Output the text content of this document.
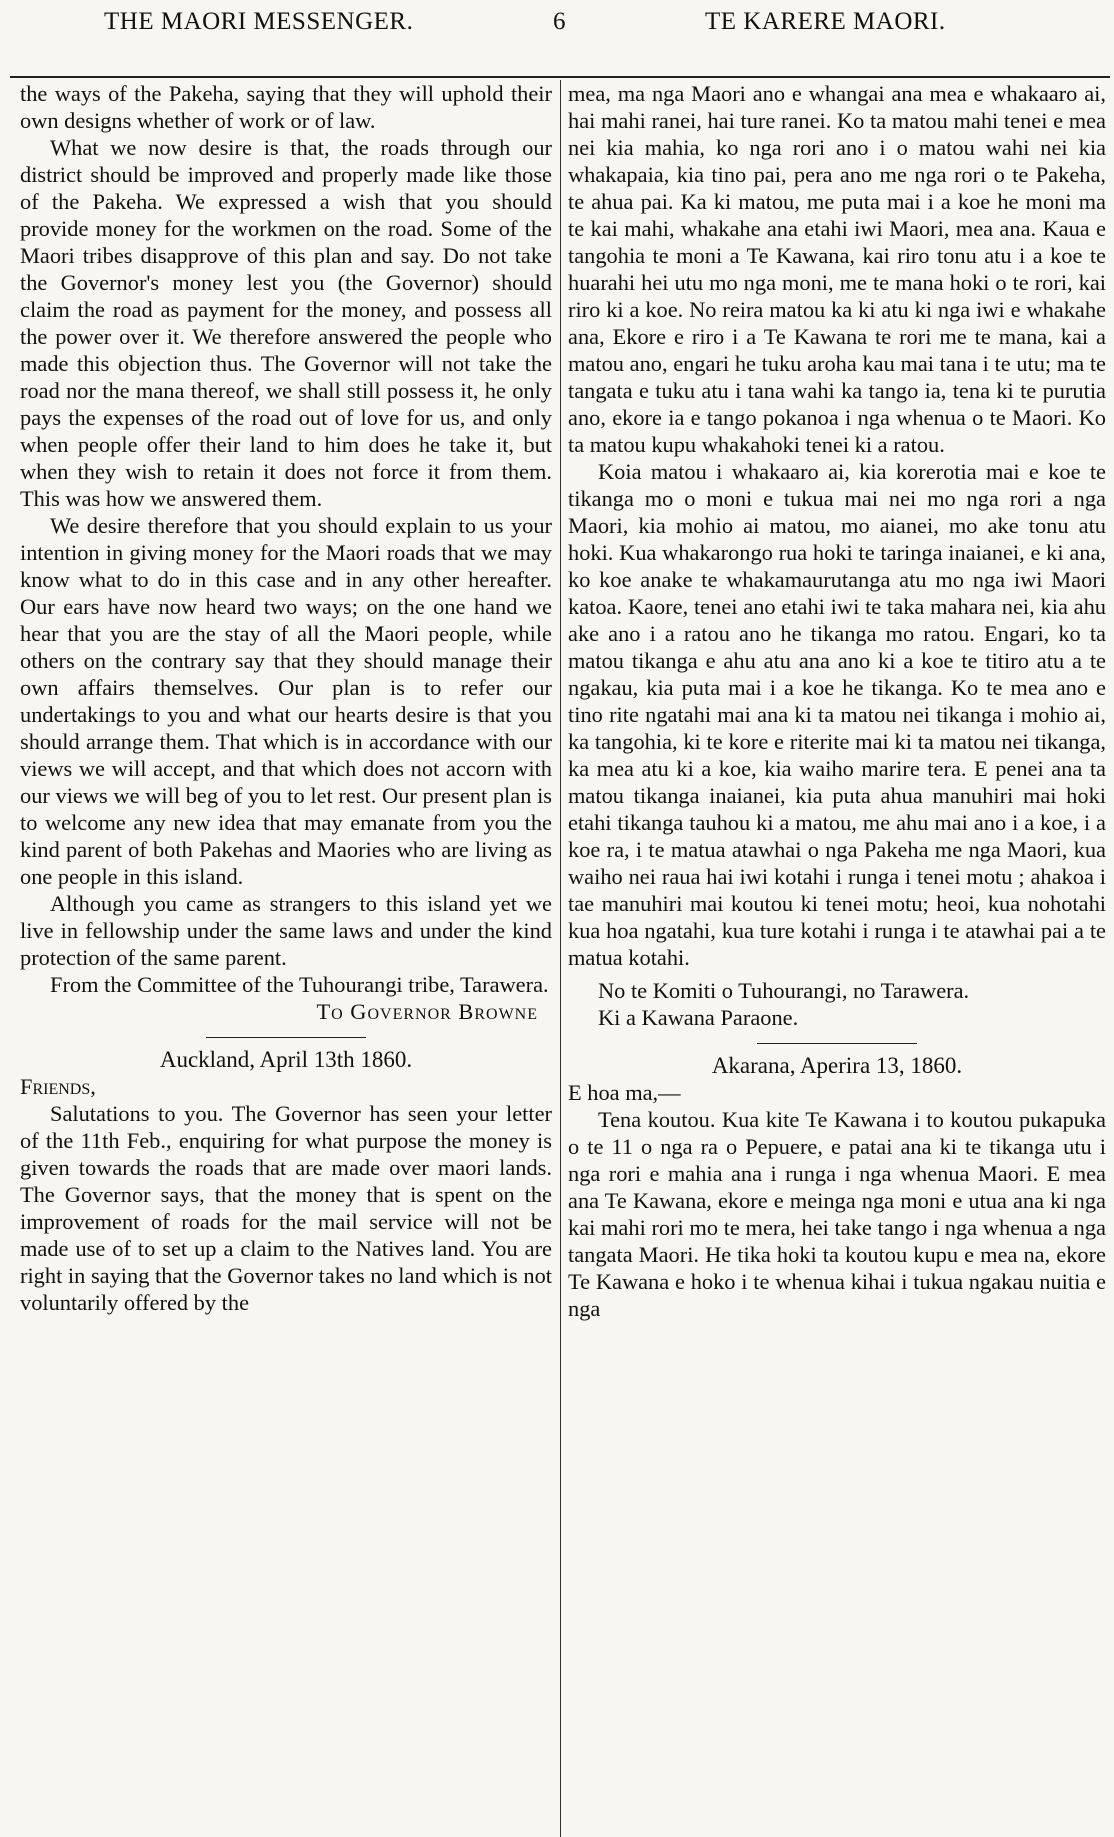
THE MAORI MESSENGER.	6	TE KARERE MAORI.

the ways of the Pakeha, saying that they will uphold their own designs whether of work or of law.

What we now desire is that, the roads through our district should be improved and properly made like those of the Pakeha. We expressed a wish that you should provide money for the workmen on the road. Some of the Maori tribes disapprove of this plan and say. Do not take the Governor's money lest you (the Governor) should claim the road as payment for the money, and possess all the power over it. We therefore answered the people who made this objection thus. The Governor will not take the road nor the mana thereof, we shall still possess it, he only pays the expenses of the road out of love for us, and only when people offer their land to him does he take it, but when they wish to retain it does not force it from them. This was how we answered them.

We desire therefore that you should explain to us your intention in giving money for the Maori roads that we may know what to do in this case and in any other hereafter. Our ears have now heard two ways; on the one hand we hear that you are the stay of all the Maori people, while others on the contrary say that they should manage their own affairs themselves. Our plan is to refer our undertakings to you and what our hearts desire is that you should arrange them. That which is in accordance with our views we will accept, and that which does not accorn with our views we will beg of you to let rest. Our present plan is to welcome any new idea that may emanate from you the kind parent of both Pakehas and Maories who are living as one people in this island.

Although you came as strangers to this island yet we live in fellowship under the same laws and under the kind protection of the same parent.

From the Committee of the Tuhourangi tribe, Tarawera.

To Governor Browne

Auckland, April 13th 1860.

Friends,

Salutations to you. The Governor has seen your letter of the 11th Feb., enquiring for what purpose the money is given towards the roads that are made over maori lands. The Governor says, that the money that is spent on the improvement of roads for the mail service will not be made use of to set up a claim to the Natives land. You are right in saying that the Governor takes no land which is not voluntarily offered by the

mea, ma nga Maori ano e whangai ana mea e whakaaro ai, hai mahi ranei, hai ture ranei. Ko ta matou mahi tenei e mea nei kia mahia, ko nga rori ano i o matou wahi nei kia whakapaia, kia tino pai, pera ano me nga rori o te Pakeha, te ahua pai. Ka ki matou, me puta mai i a koe he moni ma te kai mahi, whakahe ana etahi iwi Maori, mea ana. Kaua e tangohia te moni a Te Kawana, kai riro tonu atu i a koe te huarahi hei utu mo nga moni, me te mana hoki o te rori, kai riro ki a koe. No reira matou ka ki atu ki nga iwi e whakahe ana, Ekore e riro i a Te Kawana te rori me te mana, kai a matou ano, engari he tuku aroha kau mai tana i te utu; ma te tangata e tuku atu i tana wahi ka tango ia, tena ki te purutia ano, ekore ia e tango pokanoa i nga whenua o te Maori. Ko ta matou kupu whakahoki tenei ki a ratou.

Koia matou i whakaaro ai, kia korerotia mai e koe te tikanga mo o moni e tukua mai nei mo nga rori a nga Maori, kia mohio ai matou, mo aianei, mo ake tonu atu hoki. Kua whakarongo rua hoki te taringa inaianei, e ki ana, ko koe anake te whakamaurutanga atu mo nga iwi Maori katoa. Kaore, tenei ano etahi iwi te taka mahara nei, kia ahu ake ano i a ratou ano he tikanga mo ratou. Engari, ko ta matou tikanga e ahu atu ana ano ki a koe te titiro atu a te ngakau, kia puta mai i a koe he tikanga. Ko te mea ano e tino rite ngatahi mai ana ki ta matou nei tikanga i mohio ai, ka tangohia, ki te kore e riterite mai ki ta matou nei tikanga, ka mea atu ki a koe, kia waiho marire tera. E penei ana ta matou tikanga inaianei, kia puta ahua manuhiri mai hoki etahi tikanga tauhou ki a matou, me ahu mai ano i a koe, i a koe ra, i te matua atawhai o nga Pakeha me nga Maori, kua waiho nei raua hai iwi kotahi i runga i tenei motu ; ahakoa i tae manuhiri mai koutou ki tenei motu; heoi, kua nohotahi kua hoa ngatahi, kua ture kotahi i runga i te atawhai pai a te matua kotahi.

No te Komiti o Tuhourangi, no Tarawera.

Ki a Kawana Paraone.

Akarana, Aperira 13, 1860.

E hoa ma,—

Tena koutou. Kua kite Te Kawana i to koutou pukapuka o te 11 o nga ra o Pepuere, e patai ana ki te tikanga utu i nga rori e mahia ana i runga i nga whenua Maori. E mea ana Te Kawana, ekore e meinga nga moni e utua ana ki nga kai mahi rori mo te mera, hei take tango i nga whenua a nga tangata Maori. He tika hoki ta koutou kupu e mea na, ekore Te Kawana e hoko i te whenua kihai i tukua ngakau nuitia e nga
